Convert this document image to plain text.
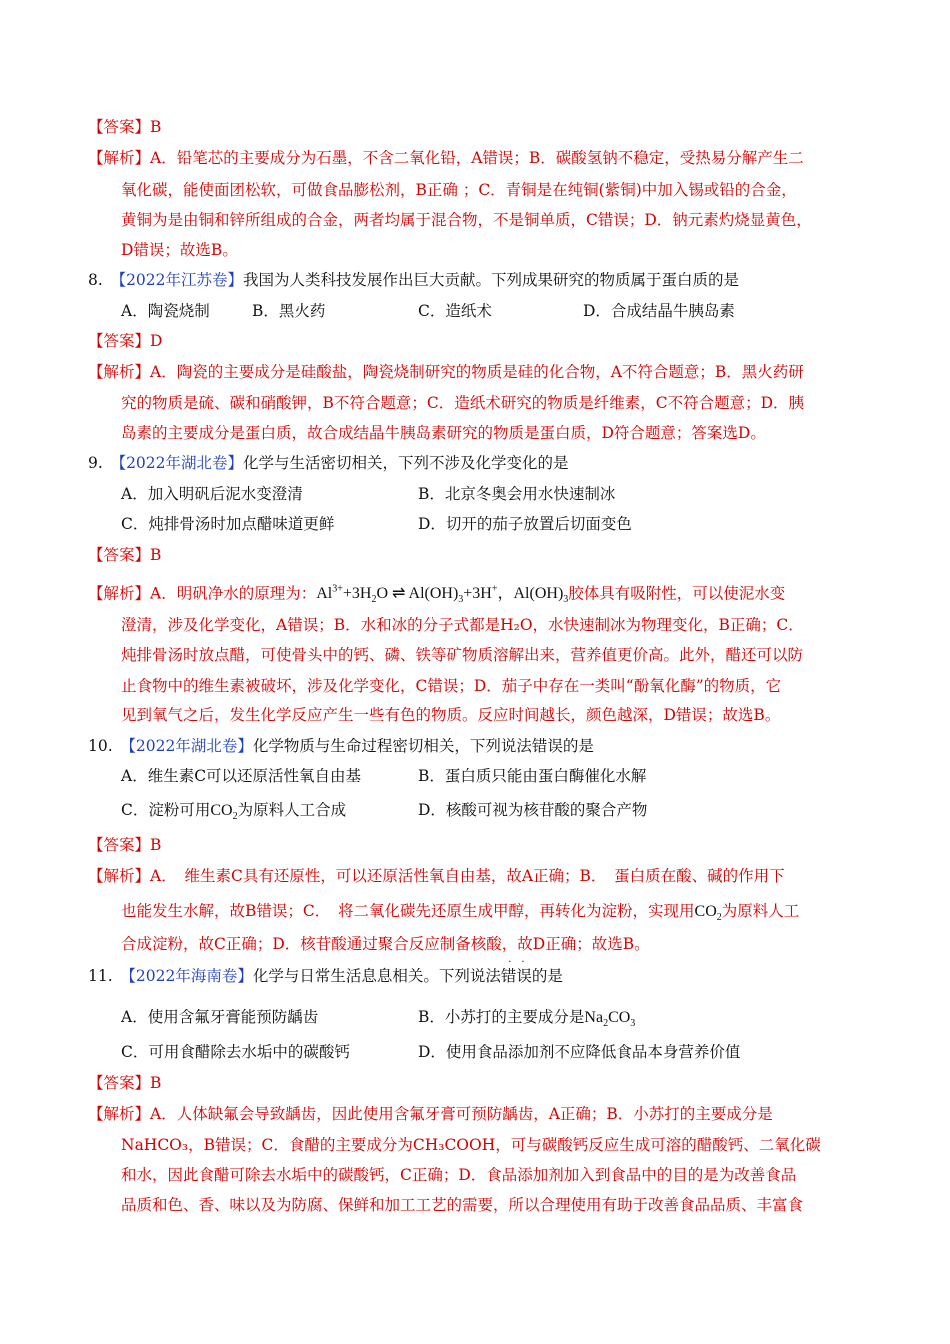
【答案】B
【解析】A．铅笔芯的主要成分为石墨，不含二氧化铅，A错误；B．碳酸氢钠不稳定，受热易分解产生二
氧化碳，能使面团松软，可做食品膨松剂，B正确 ；C．青铜是在纯铜(紫铜)中加入锡或铅的合金，
黄铜为是由铜和锌所组成的合金，两者均属于混合物，不是铜单质，C错误；D．钠元素灼烧显黄色，
D错误；故选B。
8.　 【2022年江苏卷】我国为人类科技发展作出巨大贡献。下列成果研究的物质属于蛋白质的是
A．陶瓷烧制	B．黑火药	C．造纸术	D．合成结晶牛胰岛素
【答案】D
【解析】A．陶瓷的主要成分是硅酸盐，陶瓷烧制研究的物质是硅的化合物，A不符合题意；B．黑火药研
究的物质是硫、碳和硝酸钾，B不符合题意；C．造纸术研究的物质是纤维素，C不符合题意；D．胰
岛素的主要成分是蛋白质，故合成结晶牛胰岛素研究的物质是蛋白质，D符合题意；答案选D。
9.　 【2022年湖北卷】化学与生活密切相关，下列不涉及化学变化的是
A．加入明矾后泥水变澄清	B．北京冬奥会用水快速制冰
C．炖排骨汤时加点醋味道更鲜	D．切开的茄子放置后切面变色
【答案】B
【解析】A．明矾净水的原理为：$Al^{3+}+3H_2O$ ⇌ $Al(OH)_3+3H^+$，$Al(OH)_3$胶体具有吸附性，可以使泥水变
澄清，涉及化学变化，A错误；B．水和冰的分子式都是H₂O，水快速制冰为物理变化，B正确；C．
炖排骨汤时放点醋，可使骨头中的钙、磷、铁等矿物质溶解出来，营养值更价高。此外，醋还可以防
止食物中的维生素被破坏，涉及化学变化，C错误；D．茄子中存在一类叫“酚氧化酶”的物质，它
见到氧气之后，发生化学反应产生一些有色的物质。反应时间越长，颜色越深，D错误；故选B。
10.　 【2022年湖北卷】化学物质与生命过程密切相关，下列说法错误的是
A．维生素C可以还原活性氧自由基	B．蛋白质只能由蛋白酶催化水解
C．淀粉可用$CO_2$为原料人工合成	D．核酸可视为核苷酸的聚合产物
【答案】B
【解析】A．　维生素C具有还原性，可以还原活性氧自由基，故A正确；B．　蛋白质在酸、碱的作用下
也能发生水解，故B错误；C．　将二氧化碳先还原生成甲醇，再转化为淀粉，实现用$CO_2$为原料人工
合成淀粉，故C正确；D．核苷酸通过聚合反应制备核酸，故D正确；故选B。
11.　 【2022年海南卷】化学与日常生活息息相关。下列说法
·　·
错误的是
A．使用含氟牙膏能预防龋齿	B．小苏打的主要成分是$Na_2CO_3$
C．可用食醋除去水垢中的碳酸钙	D．使用食品添加剂不应降低食品本身营养价值
【答案】B
【解析】A．人体缺氟会导致龋齿，因此使用含氟牙膏可预防龋齿，A正确；B．小苏打的主要成分是
NaHCO₃，B错误；C．食醋的主要成分为CH₃COOH，可与碳酸钙反应生成可溶的醋酸钙、二氧化碳
和水，因此食醋可除去水垢中的碳酸钙，C正确；D．食品添加剂加入到食品中的目的是为改善食品
品质和色、香、味以及为防腐、保鲜和加工工艺的需要，所以合理使用有助于改善食品品质、丰富食
